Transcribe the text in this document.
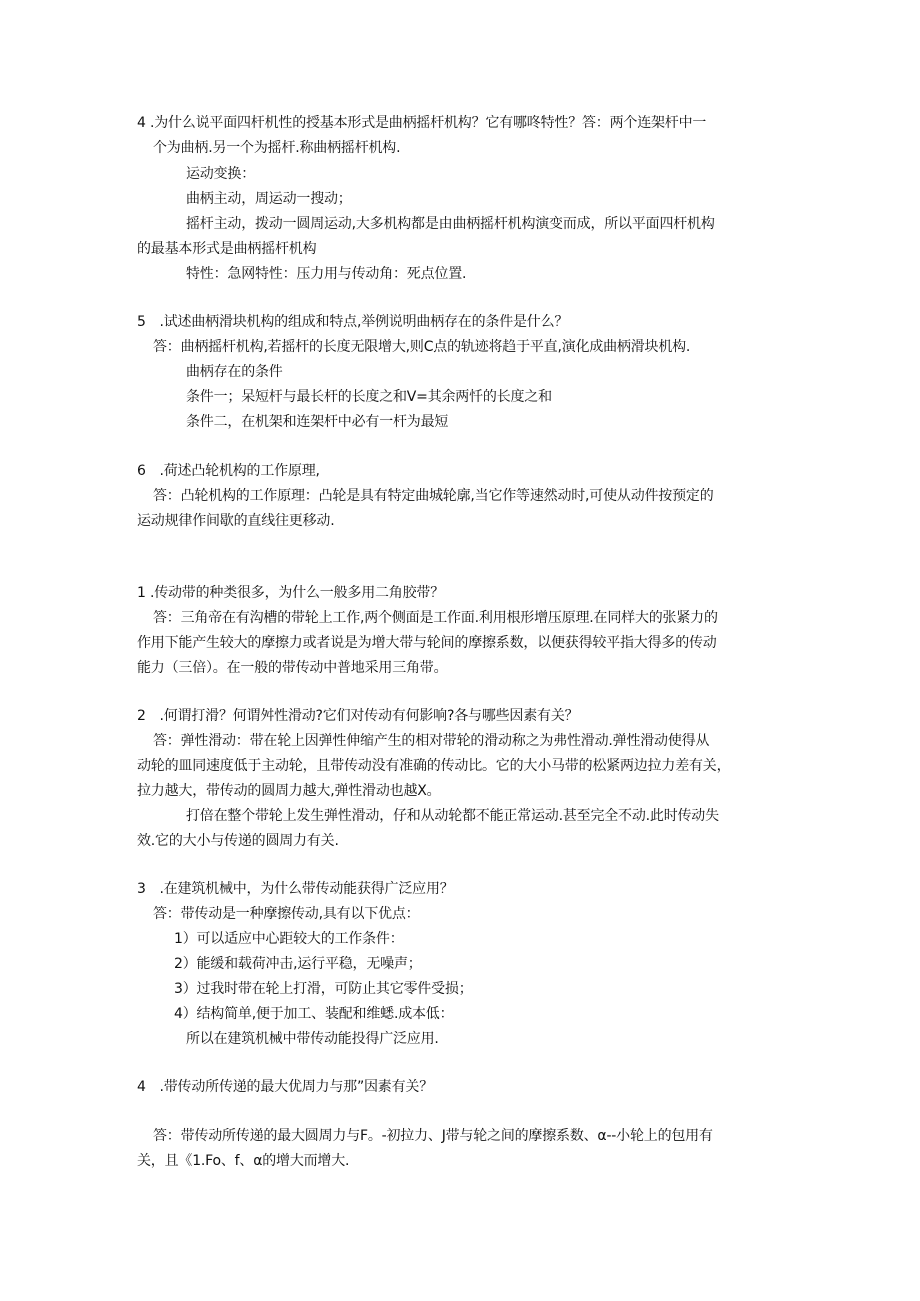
4 .为什么说平面四杆机性的授基本形式是曲柄摇杆机构？它有哪咚特性？答：两个连架杆中一
个为曲柄.另一个为摇杆.称曲柄摇杆机构.
运动变换：
曲柄主动，周运动一搜动；
摇杆主动，拨动一圆周运动,大多机构都是由曲柄摇杆机构演变而成，所以平面四杆机构
的最基本形式是曲柄摇杆机构
特性：急网特性：压力用与传动角：死点位置.
5　.试述曲柄滑块机构的组成和特点,举例说明曲柄存在的条件是什么？
答：曲柄摇杆机构,若摇杆的长度无限增大,则C点的轨迹将趋于平直,演化成曲柄滑块机构.
曲柄存在的条件
条件一；呆短杆与最长杆的长度之和V=其余两忏的长度之和
条件二，在机架和连架杆中必有一杆为最短
6　.荷述凸轮机构的工作原理,
答：凸轮机构的工作原理：凸轮是具有特定曲城轮廓,当它作等速然动时,可使从动件按预定的
运动规律作间歇的直线往更移动.
1 .传动带的种类很多，为什么一般多用二角胶带？
答：三角帝在有沟槽的带轮上工作,两个侧面是工作面.利用根形增压原理.在同样大的张紧力的
作用下能产生较大的摩擦力或者说是为增大带与轮间的摩擦系数，以便获得较平指大得多的传动
能力（三倍）。在一般的带传动中普地采用三角带。
2　.何谓打滑？何谓舛性滑动?它们对传动有何影响?各与哪些因素有关？
答：弹性滑动：带在轮上因弹性伸缩产生的相对带轮的滑动称之为弗性滑动.弹性滑动使得从
动轮的皿同速度低于主动轮，且带传动没有准确的传动比。它的大小马带的松紧两边拉力差有关，
拉力越大，带传动的圆周力越大,弹性滑动也越X。
打倍在整个带轮上发生弹性滑动，仔和从动轮都不能正常运动.甚至完全不动.此时传动失
效.它的大小与传递的圆周力有关.
3　.在建筑机械中，为什么带传动能获得广泛应用？
答：带传动是一种摩擦传动,具有以下优点：
1）可以适应中心距较大的工作条件：
2）能缓和载荷冲击,运行平稳，无噪声；
3）过我时带在轮上打滑，可防止其它零件受损；
4）结构简单,便于加工、装配和维蟋.成本低：
所以在建筑机械中带传动能投得广泛应用.
4　.带传动所传递的最大优周力与那”因素有关？
答：带传动所传递的最大圆周力与F。-初拉力、J带与轮之间的摩擦系数、α--小轮上的包用有
关，且《1.Fo、f、α的增大而增大.
